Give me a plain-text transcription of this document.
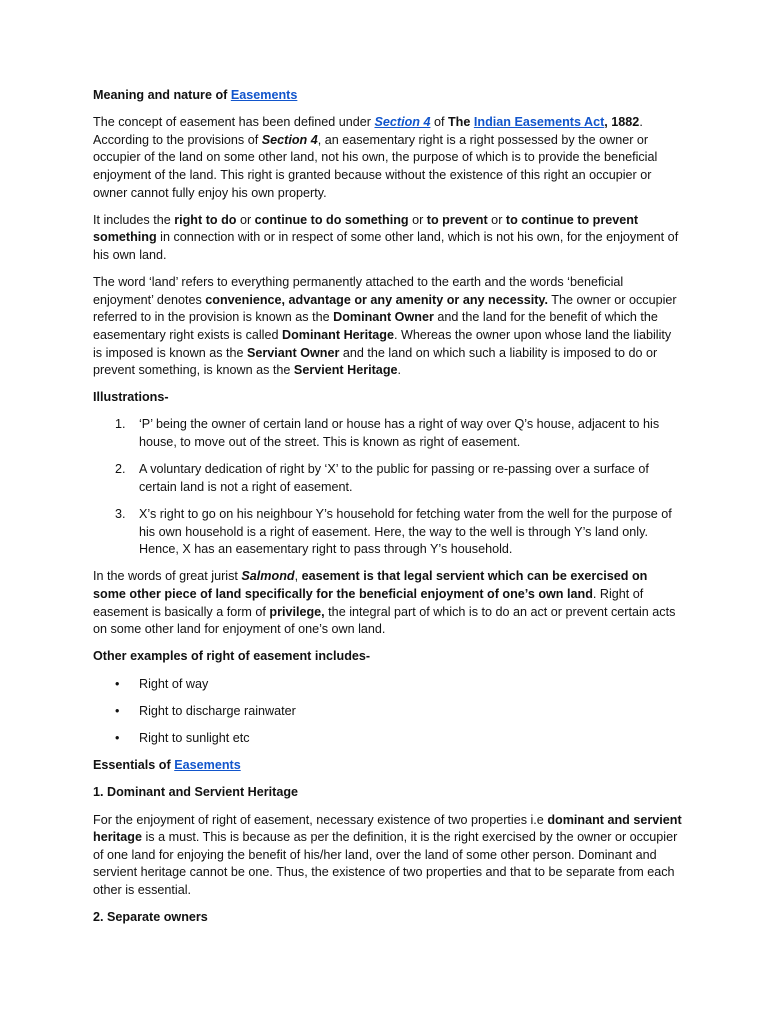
Meaning and nature of Easements

The concept of easement has been defined under Section 4 of The Indian Easements Act, 1882. According to the provisions of Section 4, an easementary right is a right possessed by the owner or occupier of the land on some other land, not his own, the purpose of which is to provide the beneficial enjoyment of the land. This right is granted because without the existence of this right an occupier or owner cannot fully enjoy his own property.

It includes the right to do or continue to do something or to prevent or to continue to prevent something in connection with or in respect of some other land, which is not his own, for the enjoyment of his own land.

The word ‘land’ refers to everything permanently attached to the earth and the words ‘beneficial enjoyment’ denotes convenience, advantage or any amenity or any necessity. The owner or occupier referred to in the provision is known as the Dominant Owner and the land for the benefit of which the easementary right exists is called Dominant Heritage. Whereas the owner upon whose land the liability is imposed is known as the Serviant Owner and the land on which such a liability is imposed to do or prevent something, is known as the Servient Heritage.

Illustrations-

1. ‘P’ being the owner of certain land or house has a right of way over Q’s house, adjacent to his house, to move out of the street. This is known as right of easement.
2. A voluntary dedication of right by ‘X’ to the public for passing or re-passing over a surface of certain land is not a right of easement.
3. X’s right to go on his neighbour Y’s household for fetching water from the well for the purpose of his own household is a right of easement. Here, the way to the well is through Y’s land only. Hence, X has an easementary right to pass through Y’s household.

In the words of great jurist Salmond, easement is that legal servient which can be exercised on some other piece of land specifically for the beneficial enjoyment of one’s own land. Right of easement is basically a form of privilege, the integral part of which is to do an act or prevent certain acts on some other land for enjoyment of one’s own land.

Other examples of right of easement includes-

•	Right of way
•	Right to discharge rainwater
•	Right to sunlight etc

Essentials of Easements

1. Dominant and Servient Heritage

For the enjoyment of right of easement, necessary existence of two properties i.e dominant and servient heritage is a must. This is because as per the definition, it is the right exercised by the owner or occupier of one land for enjoying the benefit of his/her land, over the land of some other person. Dominant and servient heritage cannot be one. Thus, the existence of two properties and that to be separate from each other is essential.

2. Separate owners
